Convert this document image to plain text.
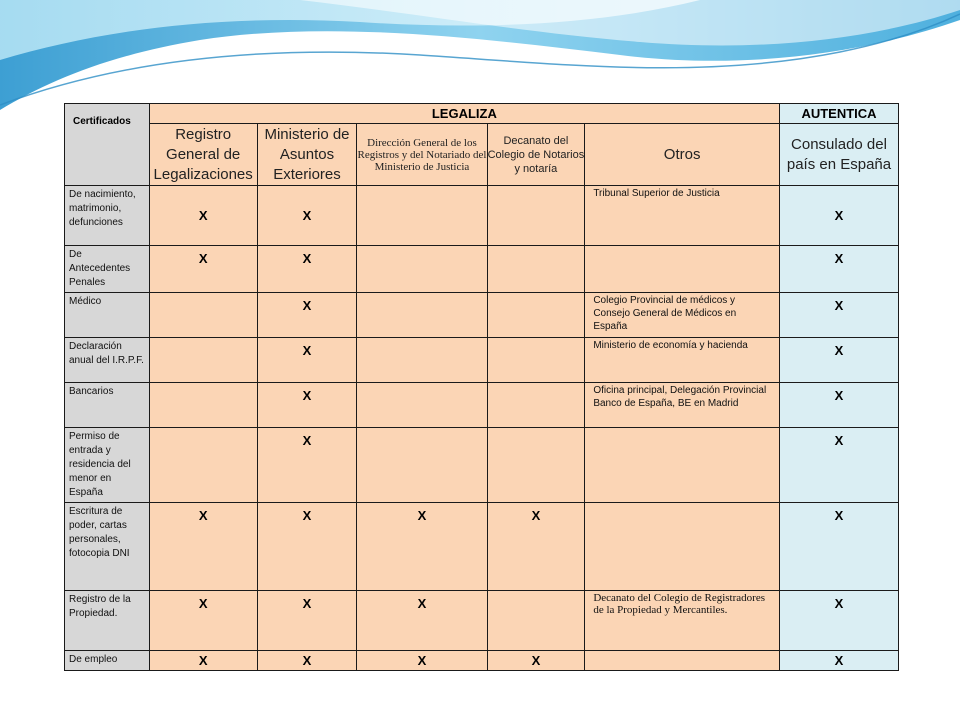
Certificados	LEGALIZA					AUTENTICA
	Registro General de Legalizaciones	Ministerio de Asuntos Exteriores	Dirección General de los Registros y del Notariado del Ministerio de Justicia	Decanato del Colegio de Notarios y notaría	Otros	Consulado del país en España
De nacimiento, matrimonio, defunciones	X	X			Tribunal Superior de Justicia	X
De Antecedentes Penales	X	X				X
Médico		X			Colegio Provincial de médicos y Consejo General de Médicos en España	X
Declaración anual del I.R.P.F.		X			Ministerio de economía y hacienda	X
Bancarios		X			Oficina principal, Delegación Provincial Banco de España, BE en Madrid	X
Permiso de entrada y residencia del menor en España		X				X
Escritura de poder, cartas personales, fotocopia DNI	X	X	X	X		X
Registro de la Propiedad.	X	X	X		Decanato del Colegio de Registradores de la Propiedad y Mercantiles.	X
De empleo	X	X	X	X		X
